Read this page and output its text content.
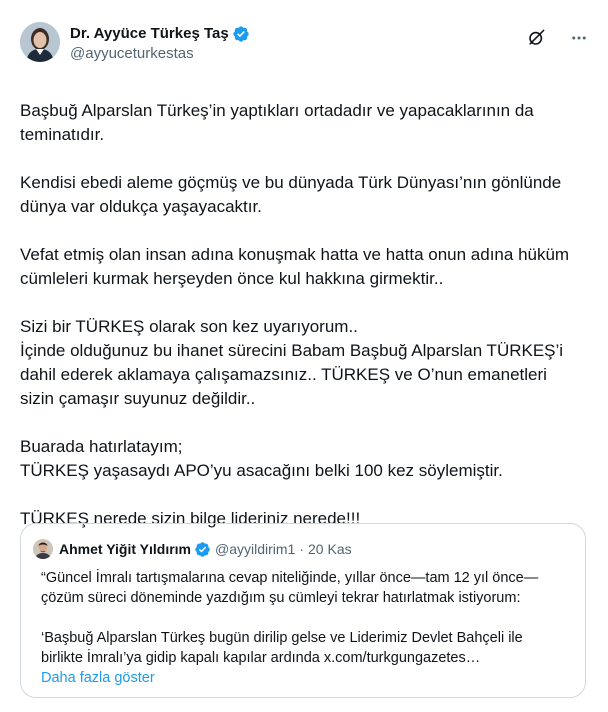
Dr. Ayyüce Türkeş Taş
@ayyuceturkestas
Başbuğ Alparslan Türkeş’in yaptıkları ortadadır ve yapacaklarının da
teminatıdır.
Kendisi ebedi aleme göçmüş ve bu dünyada Türk Dünyası’nın gönlünde
dünya var oldukça yaşayacaktır.
Vefat etmiş olan insan adına konuşmak hatta ve hatta onun adına hüküm
cümleleri kurmak herşeyden önce kul hakkına girmektir..
Sizi bir TÜRKEŞ olarak son kez uyarıyorum..
İçinde olduğunuz bu ihanet sürecini Babam Başbuğ Alparslan TÜRKEŞ’i
dahil ederek aklamaya çalışamazsınız.. TÜRKEŞ ve O’nun emanetleri
sizin çamaşır suyunuz değildir..
Buarada hatırlatayım;
TÜRKEŞ yaşasaydı APO’yu asacağını belki 100 kez söylemiştir.
TÜRKEŞ nerede sizin bilge lideriniz nerede!!!
Ahmet Yiğit Yıldırım @ayyildirim1 · 20 Kas
“Güncel İmralı tartışmalarına cevap niteliğinde, yıllar önce—tam 12 yıl önce—
çözüm süreci döneminde yazdığım şu cümleyi tekrar hatırlatmak istiyorum:
‘Başbuğ Alparslan Türkeş bugün dirilip gelse ve Liderimiz Devlet Bahçeli ile
birlikte İmralı’ya gidip kapalı kapılar ardında x.com/turkgungazetes…
Daha fazla göster
